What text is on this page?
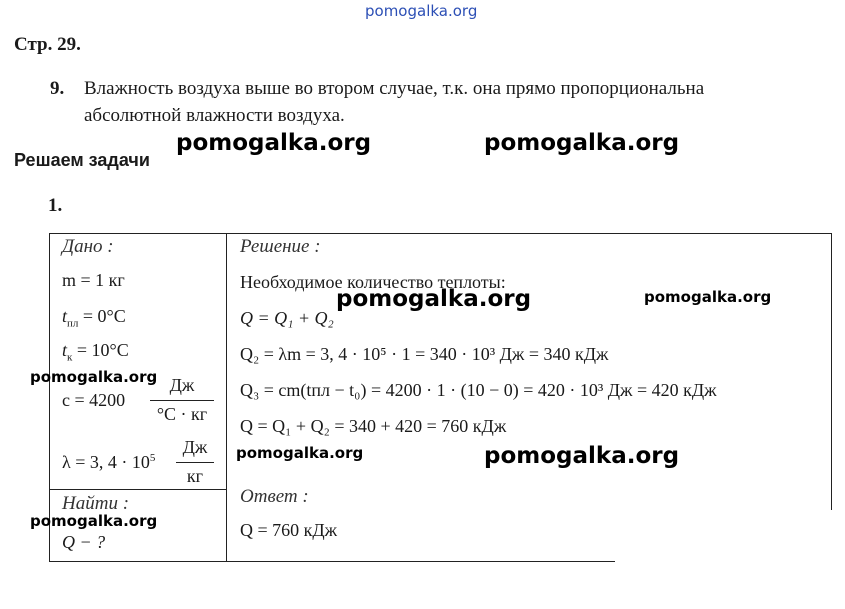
pomogalka.org
Стр. 29.
9. Влажность воздуха выше во втором случае, т.к. она прямо пропорциональна
абсолютной влажности воздуха.
Решаем задачи
pomogalka.org	pomogalka.org
1.
Дано :
m = 1 кг
$t_{пл} = 0^\circ C$
$t_к = 10^\circ C$
c = 4200
Дж
°C · кг
λ = 3, $4 \cdot 10^5$
Дж
кг
Найти :
Q − ?
Решение :
Необходимое количество теплоты:
Q = Q₁ + Q₂
Q₂ = λm = 3, 4 · 10⁵ · 1 = 340 · 10³ Дж = 340 кДж
Q₃ = cm(tпл − t₀) = 4200 · 1 · (10 − 0) = 420 · 10³ Дж = 420 кДж
Q = Q₁ + Q₂ = 340 + 420 = 760 кДж
Ответ :
Q = 760 кДж
pomogalka.org	pomogalka.org
pomogalka.org
pomogalka.org	pomogalka.org
pomogalka.org
